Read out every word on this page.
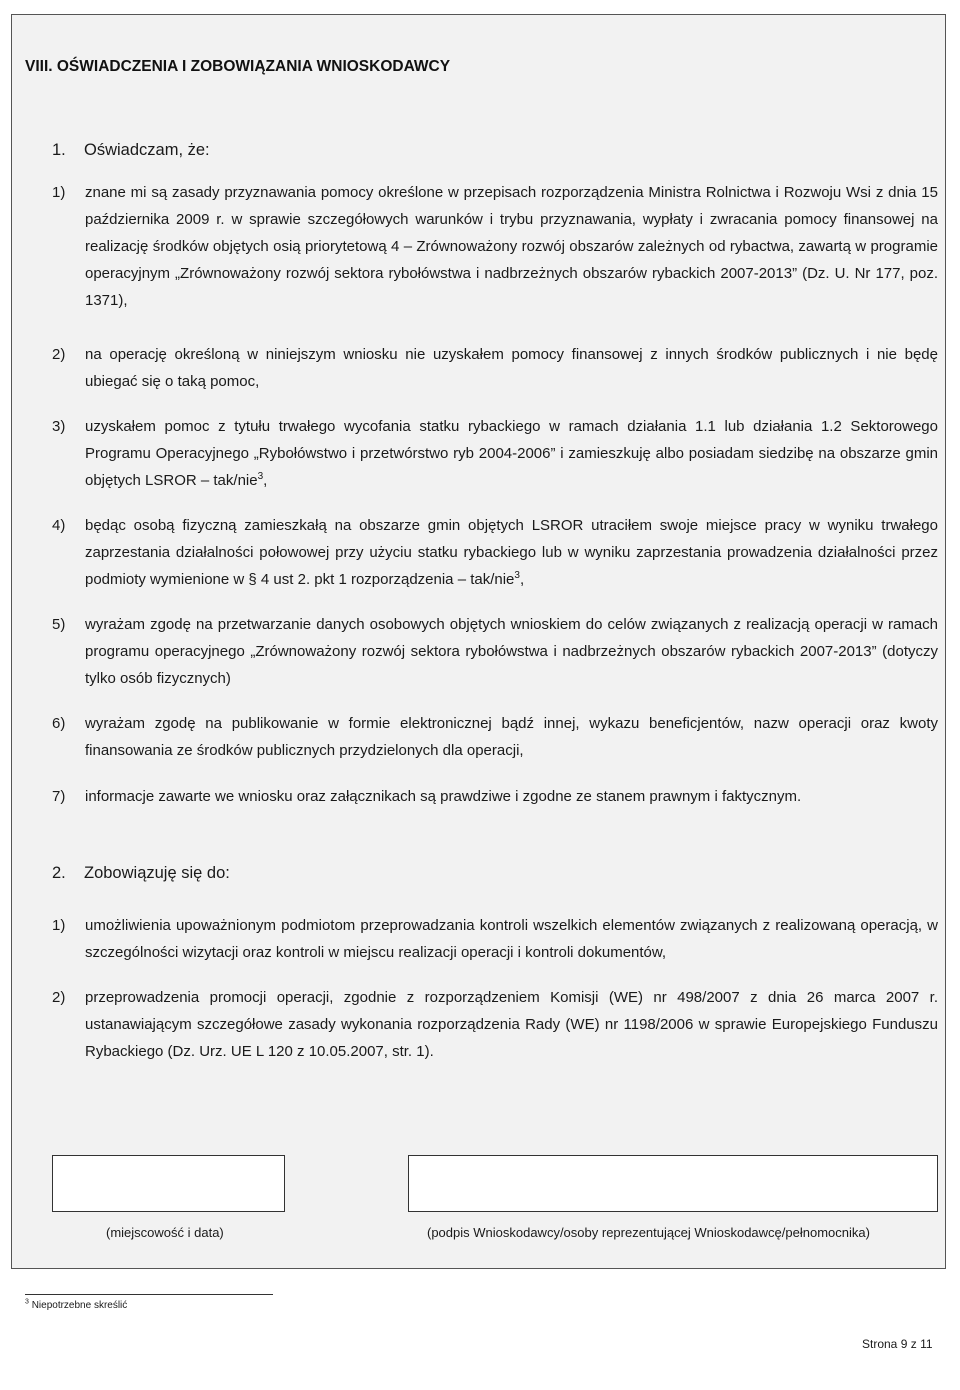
VIII. OŚWIADCZENIA I ZOBOWIĄZANIA WNIOSKODAWCY
1. Oświadczam, że:
1) znane mi są zasady przyznawania pomocy określone w przepisach rozporządzenia Ministra Rolnictwa i Rozwoju Wsi z dnia 15 października 2009 r. w sprawie szczegółowych warunków i trybu przyznawania, wypłaty i zwracania pomocy finansowej na realizację środków objętych osią priorytetową 4 – Zrównoważony rozwój obszarów zależnych od rybactwa, zawartą w programie operacyjnym „Zrównoważony rozwój sektora rybołówstwa i nadbrzeżnych obszarów rybackich 2007-2013” (Dz. U. Nr 177, poz. 1371),
2) na operację określoną w niniejszym wniosku nie uzyskałem pomocy finansowej z innych środków publicznych i nie będę ubiegać się o taką pomoc,
3) uzyskałem pomoc z tytułu trwałego wycofania statku rybackiego w ramach działania 1.1 lub działania 1.2 Sektorowego Programu Operacyjnego „Rybołówstwo i przetwórstwo ryb 2004-2006” i zamieszkuję albo posiadam siedzibę na obszarze gmin objętych LSROR – tak/nie$^3$,
4) będąc osobą fizyczną zamieszkałą na obszarze gmin objętych LSROR utraciłem swoje miejsce pracy w wyniku trwałego zaprzestania działalności połowowej przy użyciu statku rybackiego lub w wyniku zaprzestania prowadzenia działalności przez podmioty wymienione w § 4 ust 2. pkt 1 rozporządzenia – tak/nie$^3$,
5) wyrażam zgodę na przetwarzanie danych osobowych objętych wnioskiem do celów związanych z realizacją operacji w ramach programu operacyjnego „Zrównoważony rozwój sektora rybołówstwa i nadbrzeżnych obszarów rybackich 2007-2013” (dotyczy tylko osób fizycznych)
6) wyrażam zgodę na publikowanie w formie elektronicznej bądź innej, wykazu beneficjentów, nazw operacji oraz kwoty finansowania ze środków publicznych przydzielonych dla operacji,
7) informacje zawarte we wniosku oraz załącznikach są prawdziwe i zgodne ze stanem prawnym i faktycznym.
2. Zobowiązuję się do:
1) umożliwienia upoważnionym podmiotom przeprowadzania kontroli wszelkich elementów związanych z realizowaną operacją, w szczególności wizytacji oraz kontroli w miejscu realizacji operacji i kontroli dokumentów,
2) przeprowadzenia promocji operacji, zgodnie z rozporządzeniem Komisji (WE) nr 498/2007 z dnia 26 marca 2007 r. ustanawiającym szczegółowe zasady wykonania rozporządzenia Rady (WE) nr 1198/2006 w sprawie Europejskiego Funduszu Rybackiego (Dz. Urz. UE L 120 z 10.05.2007, str. 1).
(miejscowość i data)	(podpis Wnioskodawcy/osoby reprezentującej Wnioskodawcę/pełnomocnika)
$^3$ Niepotrzebne skreślić
Strona 9 z 11
